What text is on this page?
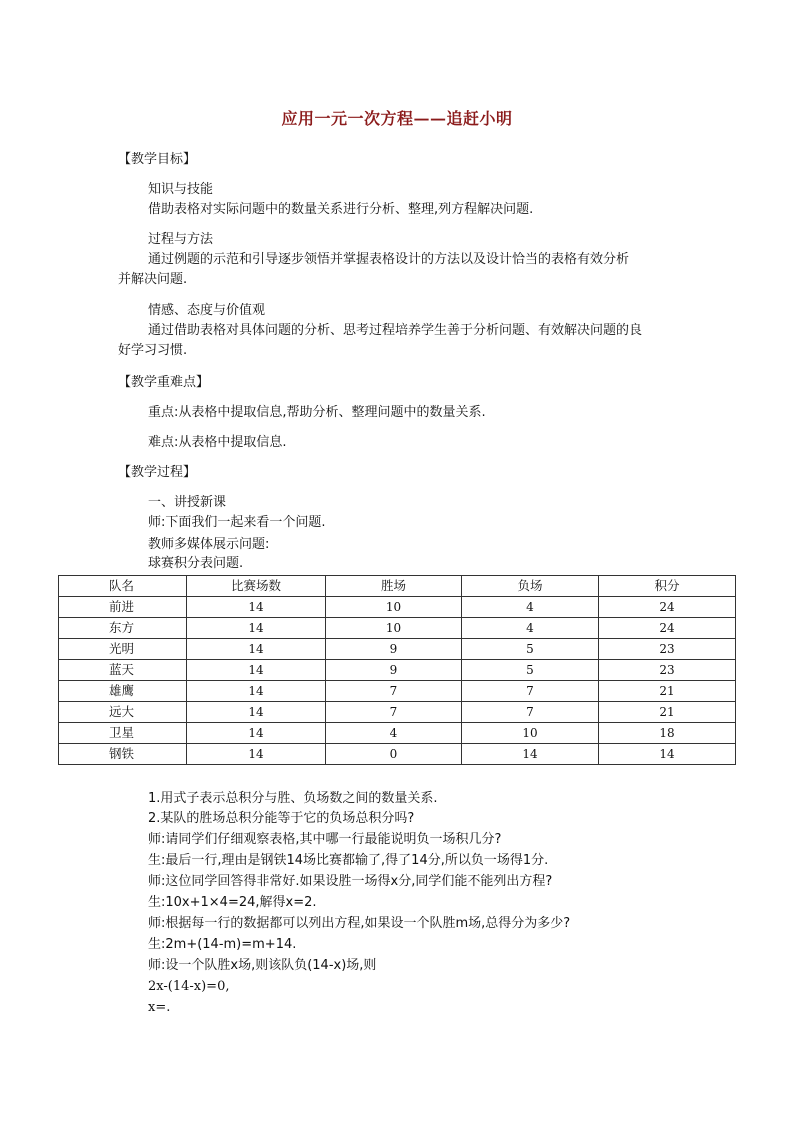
应用一元一次方程——追赶小明
【教学目标】
知识与技能
借助表格对实际问题中的数量关系进行分析、整理,列方程解决问题.
过程与方法
通过例题的示范和引导逐步领悟并掌握表格设计的方法以及设计恰当的表格有效分析
并解决问题.
情感、态度与价值观
通过借助表格对具体问题的分析、思考过程培养学生善于分析问题、有效解决问题的良
好学习习惯.
【教学重难点】
重点:从表格中提取信息,帮助分析、整理问题中的数量关系.
难点:从表格中提取信息.
【教学过程】
一、讲授新课
师:下面我们一起来看一个问题.
教师多媒体展示问题:
球赛积分表问题.
队名	比赛场数	胜场	负场	积分
前进	14	10	4	24
东方	14	10	4	24
光明	14	9	5	23
蓝天	14	9	5	23
雄鹰	14	7	7	21
远大	14	7	7	21
卫星	14	4	10	18
钢铁	14	0	14	14
1.用式子表示总积分与胜、负场数之间的数量关系.
2.某队的胜场总积分能等于它的负场总积分吗?
师:请同学们仔细观察表格,其中哪一行最能说明负一场积几分?
生:最后一行,理由是钢铁14场比赛都输了,得了14分,所以负一场得1分.
师:这位同学回答得非常好.如果设胜一场得x分,同学们能不能列出方程?
生:10x+1×4=24,解得x=2.
师:根据每一行的数据都可以列出方程,如果设一个队胜m场,总得分为多少?
生:2m+(14-m)=m+14.
师:设一个队胜x场,则该队负(14-x)场,则
2x-(14-x)=0,
x=.
